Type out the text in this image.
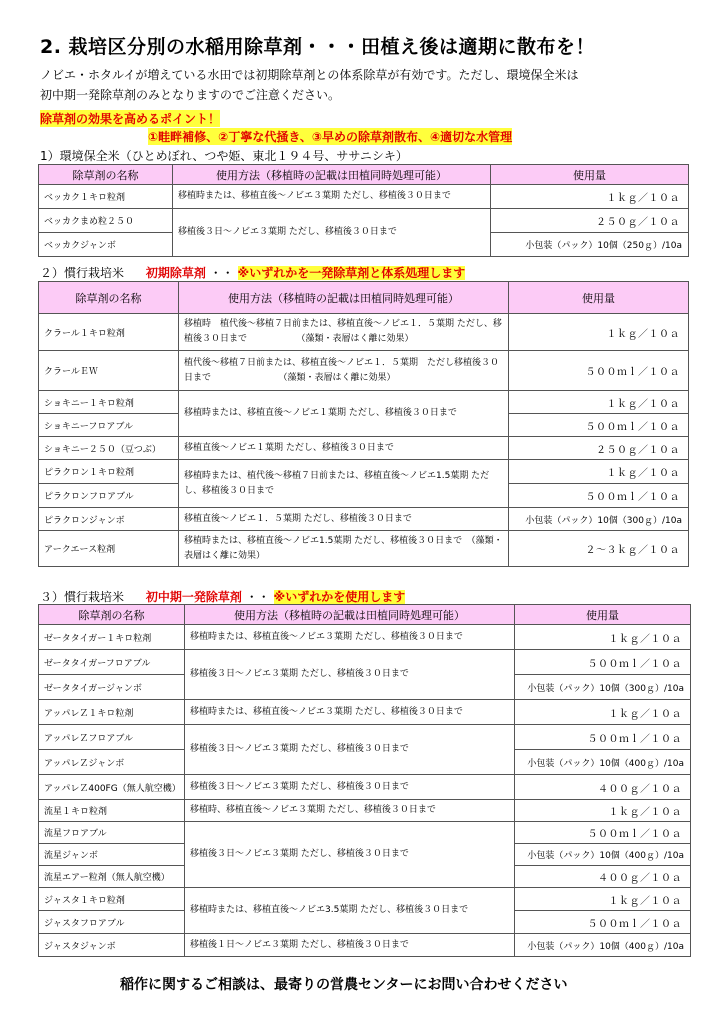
2. 栽培区分別の水稲用除草剤・・・田植え後は適期に散布を！
ノビエ・ホタルイが増えている水田では初期除草剤との体系除草が有効です。ただし、環境保全米は
初中期一発除草剤のみとなりますのでご注意ください。
除草剤の効果を高めるポイント！
①畦畔補修、②丁寧な代掻き、③早めの除草剤散布、④適切な水管理
1）環境保全米（ひとめぼれ、つや姫、東北１９４号、ササニシキ）
除草剤の名称	使用方法（移植時の記載は田植同時処理可能）	使用量
ベッカク１キロ粒剤	移植時または、移植直後～ノビエ３葉期 ただし、移植後３０日まで	１ｋｇ／１０ａ
ベッカクまめ粒２５０	移植後３日～ノビエ３葉期 ただし、移植後３０日まで	２５０ｇ／１０ａ
ベッカクジャンボ		小包装（パック）10個（250ｇ）/10a
２）慣行栽培米 初期除草剤 ・・ ※いずれかを一発除草剤と体系処理します
除草剤の名称	使用方法（移植時の記載は田植同時処理可能）	使用量
クラール１キロ粒剤	移植時　植代後～移植７日前または、移植直後～ノビエ１．５葉期 ただし、移植後３０日まで　　　　　　（藻類・表層はく離に効果）	１ｋｇ／１０ａ
クラールＥＷ	植代後～移植７日前または、移植直後～ノビエ１．５葉期　ただし移植後３０日まで　　　　　　　　（藻類・表層はく離に効果）	５００ｍｌ／１０ａ
ショキニー１キロ粒剤	移植時または、移植直後～ノビエ１葉期 ただし、移植後３０日まで	１ｋｇ／１０ａ
ショキニーフロアブル		５００ｍｌ／１０ａ
ショキニー２５０（豆つぶ）	移植直後～ノビエ１葉期 ただし、移植後３０日まで	２５０ｇ／１０ａ
ピラクロン１キロ粒剤	移植時または、植代後～移植７日前または、移植直後～ノビエ1.5葉期 ただし、移植後３０日まで	１ｋｇ／１０ａ
ピラクロンフロアブル		５００ｍｌ／１０ａ
ピラクロンジャンボ	移植直後～ノビエ１．５葉期 ただし、移植後３０日まで	小包装（パック）10個（300ｇ）/10a
アークエース粒剤	移植時または、移植直後～ノビエ1.5葉期 ただし、移植後３０日まで　（藻類・表層はく離に効果）	２～３ｋｇ／１０ａ
３）慣行栽培米 初中期一発除草剤 ・・ ※いずれかを使用します
除草剤の名称	使用方法（移植時の記載は田植同時処理可能）	使用量
ゼータタイガー１キロ粒剤	移植時または、移植直後～ノビエ３葉期 ただし、移植後３０日まで	１ｋｇ／１０ａ
ゼータタイガーフロアブル	移植後３日～ノビエ３葉期 ただし、移植後３０日まで	５００ｍｌ／１０ａ
ゼータタイガージャンボ		小包装（パック）10個（300ｇ）/10a
アッパレＺ１キロ粒剤	移植時または、移植直後～ノビエ３葉期 ただし、移植後３０日まで	１ｋｇ／１０ａ
アッパレＺフロアブル	移植後３日～ノビエ３葉期 ただし、移植後３０日まで	５００ｍｌ／１０ａ
アッパレＺジャンボ		小包装（パック）10個（400ｇ）/10a
アッパレＺ400FG（無人航空機）	移植後３日～ノビエ３葉期 ただし、移植後３０日まで	４００ｇ／１０ａ
流星１キロ粒剤	移植時、移植直後～ノビエ３葉期 ただし、移植後３０日まで	１ｋｇ／１０ａ
流星フロアブル	移植後３日～ノビエ３葉期 ただし、移植後３０日まで	５００ｍｌ／１０ａ
流星ジャンボ		小包装（パック）10個（400ｇ）/10a
流星エアー粒剤（無人航空機）		４００ｇ／１０ａ
ジャスタ１キロ粒剤	移植時または、移植直後～ノビエ3.5葉期 ただし、移植後３０日まで	１ｋｇ／１０ａ
ジャスタフロアブル		５００ｍｌ／１０ａ
ジャスタジャンボ	移植後１日～ノビエ３葉期 ただし、移植後３０日まで	小包装（パック）10個（400ｇ）/10a
稲作に関するご相談は、最寄りの営農センターにお問い合わせください
